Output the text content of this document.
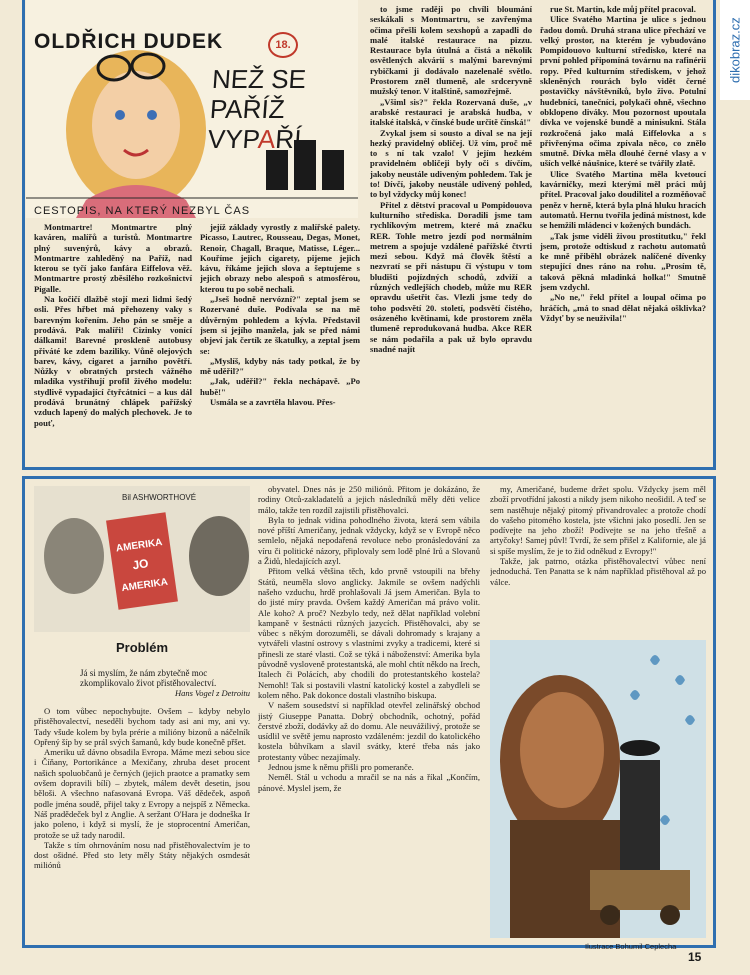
dikobraz.cz
OLDŘICH DUDEK	18.
NEŽ SE PAŘÍŽ
VYPAŘÍ
CESTOPIS, NA KTERÝ NEZBYL ČAS

Montmartre! Montmartre plný kaváren, malířů a turistů. Montmartre plný suvenýrů, kávy a obrazů. Montmartre zahleděný na Paříž, nad kterou se tyčí jako fanfára Eiffelova věž. Montmartre prostý zběsilého rozkošnictví Pigalle.

Na kočičí dlažbě stojí mezi lidmi šedý osli. Přes hřbet má přehozeny vaky s barevným kořením. Jeho pán se směje a prodává. Pak malíři! Cizinky vonící dálkami! Barevné proskleně autobusy přiváté ke zdem baziliky. Vůně olejových barev, kávy, cigaret a jarního povětří. Nůžky v obratných prstech vážného mladíka vystřihují profil živého modelu: stydlivě vypadající čtyřcátnici – a kus dál prodává brunátný chlápek pařížský vzduch lapený do malých plechovek. Je to pouť,

jejíž základy vyrostly z malířské palety. Picasso, Lautrec, Rousseau, Degas, Monet, Renoir, Chagall, Braque, Matisse, Léger... Kouříme jejich cigarety, pijeme jejich kávu, říkáme jejich slova a šeptujeme s jejich obrazy nebo alespoň s atmosférou, kterou tu po sobě nechali.

„Jseš hodně nervózní?" zeptal jsem se Rozervané duše. Podívala se na mě důvěrným pohledem a kývla. Představil jsem si jejího manžela, jak se před námi objeví jak čertík ze škatulky, a zeptal jsem se:

„Myslíš, kdyby nás tady potkal, že by mě uděřil?"

„Jak, uděřil?" řekla nechápavě. „Po hubě!"

Usmála se a zavrtěla hlavou. Přes-

to jsme raději po chvíli bloumání seskákali s Montmartru, se zavřenýma očima přešli kolem sexshopů a zapadli do malé italské restaurace na pizzu. Restaurace byla útulná a čistá a několik osvětlených akvárií s malými barevnými rybičkami ji dodávalo nazelenalé světlo. Prostorem zněl tlumeně, ale srdceryvně mužský tenor. V italštině, samozřejmě.

„Všiml sis?" řekla Rozervaná duše, „v arabské restauraci je arabská hudba, v italské italská, v čínské bude určitě čínská!"

Zvykal jsem si sousto a díval se na její hezký pravidelný obličej. Už vím, proč mě to s ní tak vzalo! V jejím hezkém pravidelném obličeji byly oči s dívčím, jakoby neustále udiveným pohledem. Tak je to! Dívčí, jakoby neustále udivený pohled, to byl vždycky můj konec!

Přitel z dětství pracoval u Pompidouova kulturního střediska. Doradili jsme tam rychlíkovým metrem, které má značku RER. Tohle metro jezdí pod normálním metrem a spojuje vzdálené pařížské čtvrti mezi sebou. Když má člověk štěstí a nezvratí se při nástupu či výstupu v tom bludišti pojízdných schodů, zdviží a různých vedlejších chodeb, může mu RER opravdu ušetřit čas. Vlezli jsme tedy do toho podsvětí 20. století, podsvětí čistého, osázeného květinami, kde prostorem zněla tlumeně reprodukovaná hudba. Akce RER se nám podařila a pak už bylo opravdu snadné najít

rue St. Martin, kde můj přítel pracoval.

Ulice Svatého Martina je ulice s jednou řadou domů. Druhá strana ulice přechází ve velký prostor, na kterém je vybudováno Pompidouovo kulturní středisko, které na první pohled připomíná továrnu na rafinérii ropy. Před kulturním střediskem, v jehož skleněných rourách bylo vidět černé postavičky návštěvníků, bylo živo. Potulní hudebníci, tanečníci, polykači ohně, všechno obklopeno diváky. Mou pozornost upoutala dívka ve vojenské bundě a minisukni. Stála rozkročená jako malá Eiffelovka a s přivřenýma očima zpívala něco, co znělo smutně. Dívka měla dlouhé černé vlasy a v uších velké náušnice, které se tvářily zlatě.

Ulice Svatého Martina měla kvetoucí kavárničky, mezi kterými měl práci můj přítel. Pracoval jako doudilitel a rozměňovač peněz v herně, která byla plná hluku hracích automatů. Hernu tvořila jediná místnost, kde se hemžili mládenci v kožených bundách.

„Tak jsme viděli živou prostitutku," řekl jsem, protože odtiskud z rachotu automatů ke mně přiběhl obrázek nalíčené dívenky stepující dnes ráno na rohu. „Prosím tě, taková pěkná mladinká holka!" Smutně jsem vzdychl.

„No ne," řekl přítel a loupal očima po hráčích, „má to snad dělat nějaká ošklivka? Vždyť by se neuživila!"

Bil ASHWORTHOVÉ
AMERIKA
JO
AMERIKA
Problém
Já si myslím, že nám zbytečně moc zkomplikovalo život přistěhovalectví.
Hans Vogel z Detroitu

O tom vůbec nepochybujte. Ovšem – kdyby nebylo přistěhovalectví, neseděli bychom tady asi ani my, ani vy. Tady všude kolem by byla prérie a milióny bizonů a náčelník Opřený šíp by se prál svých šamanů, kdy bude konečně přšet.

Ameriku už dávno obsadila Evropa. Máme mezi sebou sice i Číňany, Portorikánce a Mexičany, zhruba deset procent našich spoluobčanů je černých (jejich praotce a pramatky sem ovšem dopravili bílí) – zbytek, málem devět desetin, jsou běloši. A všechno nafasovaná Evropa. Váš dědeček, aspoň podle jména soudě, přijel taky z Evropy a nejspíš z Německa. Náš pradědeček byl z Anglie. A seržant O'Hara je dodneška Ir jako poleno, i když si myslí, že je stoprocentní Američan, protože se už tady narodil.

Takže s tím ohrnováním nosu nad přistěhovalectvím je to dost ošidné. Před sto lety měly Státy nějakých osmdesát miliónů

obyvatel. Dnes nás je 250 miliónů. Přitom je dokázáno, že rodiny Otců-zakladatelů a jejich následníků měly děti velice málo, takže ten rozdíl zajistili přistěhovalci.

Byla to jednak vidina pohodlného života, která sem vábila nové příští Američany, jednak vždycky, když se v Evropě něco semlelo, nějaká nepodařená revoluce nebo pronásledování za víru či politické názory, připlovaly sem lodě plné Irů a Slovanů a Židů, hledajících azyl.

Přitom velká většina těch, kdo prvně vstoupili na břehy Států, neuměla slovo anglicky. Jakmile se ovšem nadýchli našeho vzduchu, hrdě prohlašovali Já jsem Američan. Byla to do jisté míry pravda. Ovšem každý Američan má právo volit. Ale koho? A proč? Nezbylo tedy, než dělat například volební kampaně v šestnácti různých jazycích. Přistěhovalci, aby se vůbec s někým dorozuměli, se dávali dohromady s krajany a vytvářeli vlastní ostrovy s vlastními zvyky a tradicemi, které si přinesli ze staré vlasti. Což se týká i náboženství: Amerika byla původně vysloveně protestantská, ale mohl chtít někdo na Irech, Italech či Polácích, aby chodili do protestantského kostela? Nemohl! Tak si postavili vlastní katolický kostel a zabydleli se kolem něho. Pak dokonce dostali vlastního biskupa.

V našem sousedství si například otevřel zelinářský obchod jistý Giuseppe Panatta. Dobrý obchodník, ochotný, pořád čerstvé zboží, dodávky až do domu. Ale neuvážilivý, protože se usídlil ve světě jemu naprosto vzdáleném: jezdil do katolického kostela bůhvíkam a slavil svátky, které třeba nás jako protestanty vůbec nezajímaly.

Jednou jsme k němu přišli pro pomeranče.

Neměl. Stál u vchodu a mračil se na nás a říkal „Končím, pánové. Myslel jsem, že

my, Američané, budeme držet spolu. Vždycky jsem měl zboží prvotřídní jakosti a nikdy jsem nikoho neošidil. A teď se sem nastěhuje nějaký pitomý přivandrovalec a protože chodí do vašeho pitomého kostela, jste všichni jako posedlí. Jen se podívejte na jeho zboží! Podívejte se na jeho třešně a artyčoky! Samej půvl! Tvrdí, že sem přišel z Kalifornie, ale já si spíše myslím, že je to žid odněkud z Evropy!"

Takže, jak patrno, otázka přistěhovalectví vůbec není jednoduchá. Ten Panatta se k nám například přistěhoval až po válce.

Ilustrace Bohumil Ceplecha
15
